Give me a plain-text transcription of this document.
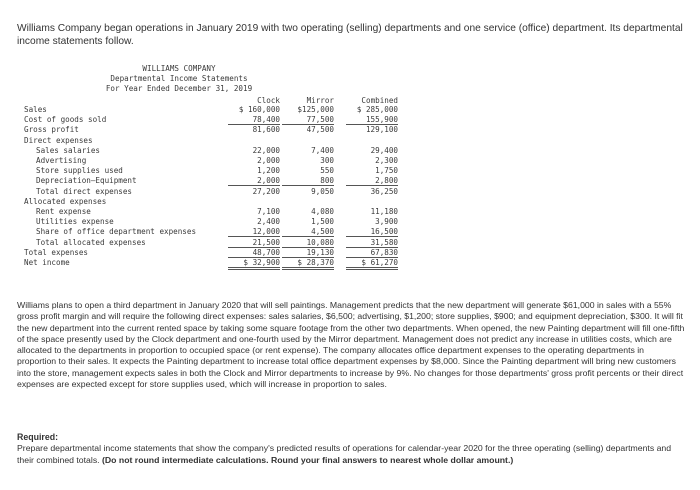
Williams Company began operations in January 2019 with two operating (selling) departments and one service (office) department. Its departmental income statements follow.
WILLIAMS COMPANY
Departmental Income Statements
For Year Ended December 31, 2019
Clock	Mirror	Combined
Sales	$ 160,000	$125,000	$ 285,000
Cost of goods sold	78,400	77,500	155,900
Gross profit	81,600	47,500	129,100
Direct expenses
Sales salaries	22,000	7,400	29,400
Advertising	2,000	300	2,300
Store supplies used	1,200	550	1,750
Depreciation—Equipment	2,000	800	2,800
Total direct expenses	27,200	9,050	36,250
Allocated expenses
Rent expense	7,100	4,080	11,180
Utilities expense	2,400	1,500	3,900
Share of office department expenses	12,000	4,500	16,500
Total allocated expenses	21,500	10,080	31,580
Total expenses	48,700	19,130	67,830
Net income	$ 32,900	$ 28,370	$ 61,270
Williams plans to open a third department in January 2020 that will sell paintings. Management predicts that the new department will generate $61,000 in sales with a 55% gross profit margin and will require the following direct expenses: sales salaries, $6,500; advertising, $1,200; store supplies, $900; and equipment depreciation, $300. It will fit the new department into the current rented space by taking some square footage from the other two departments. When opened, the new Painting department will fill one-fifth of the space presently used by the Clock department and one-fourth used by the Mirror department. Management does not predict any increase in utilities costs, which are allocated to the departments in proportion to occupied space (or rent expense). The company allocates office department expenses to the operating departments in proportion to their sales. It expects the Painting department to increase total office department expenses by $8,000. Since the Painting department will bring new customers into the store, management expects sales in both the Clock and Mirror departments to increase by 9%. No changes for those departments' gross profit percents or their direct expenses are expected except for store supplies used, which will increase in proportion to sales.
Required:
Prepare departmental income statements that show the company's predicted results of operations for calendar-year 2020 for the three operating (selling) departments and their combined totals. (Do not round intermediate calculations. Round your final answers to nearest whole dollar amount.)
